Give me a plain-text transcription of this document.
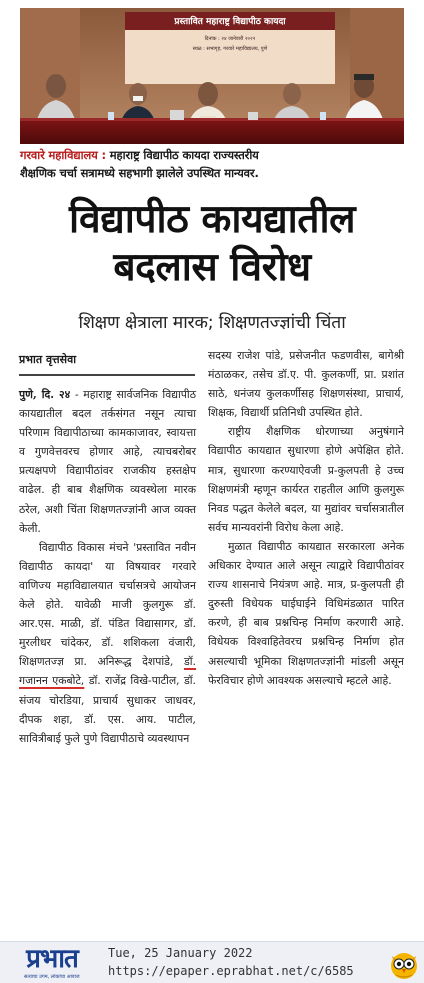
प्रस्तावित महाराष्ट्र विद्यापीठ कायदा
दिनांक : २४ जानेवारी २०२२
स्थळ : सभागृह, गरवारे महाविद्यालय, पुणे
गरवारे महाविद्यालय : महाराष्ट्र विद्यापीठ कायदा राज्यस्तरीय
शैक्षणिक चर्चा सत्रामध्ये सहभागी झालेले उपस्थित मान्यवर.
विद्यापीठ कायद्यातील
बदलास विरोध
शिक्षण क्षेत्राला मारक; शिक्षणतज्ज्ञांची चिंता
प्रभात वृत्तसेवा

पुणे, दि. २४ - महाराष्ट्र सार्वजनिक विद्यापीठ कायद्यातील बदल तर्कसंगत नसून त्याचा परिणाम विद्यापीठाच्या कामकाजावर, स्वायत्ता व गुणवेत्तवरच होणार आहे, त्याचबरोबर प्रत्यक्षपणे विद्यापीठांवर राजकीय हस्तक्षेप वाढेल. ही बाब शैक्षणिक व्यवस्थेला मारक ठरेल, अशी चिंता शिक्षणतज्ज्ञांनी आज व्यक्त केली.

विद्यापीठ विकास मंचने 'प्रस्तावित नवीन विद्यापीठ कायदा' या विषयावर गरवारे वाणिज्य महाविद्यालयात चर्चासत्रचे आयोजन केले होते. यावेळी माजी कुलगुरू डॉ. आर.एस. माळी, डॉ. पंडित विद्यासागर, डॉ. मुरलीधर चांदेकर, डॉ. शशिकला वंजारी, शिक्षणतज्ज्ञ प्रा. अनिरूद्ध देशपांडे, डॉ. गजानन एकबोटे, डॉ. राजेंद्र विखे-पाटील, डॉ. संजय चोरडिया, प्राचार्य सुधाकर जाधवर, दीपक शहा, डॉ. एस. आय. पाटील, सावित्रीबाई फुले पुणे विद्यापीठाचे व्यवस्थापन

सदस्य राजेश पांडे, प्रसेजनीत फडणवीस, बागेश्री मंठाळकर, तसेच डॉ.ए. पी. कुलकर्णी, प्रा. प्रशांत साठे, धनंजय कुलकर्णीसह शिक्षणसंस्था, प्राचार्य, शिक्षक, विद्यार्थी प्रतिनिधी उपस्थित होते.

राष्ट्रीय शैक्षणिक धोरणाच्या अनुषंगाने विद्यापीठ कायद्यात सुधारणा होणे अपेक्षित होते. मात्र, सुधारणा करण्याऐवजी प्र-कुलपती हे उच्च शिक्षणमंत्री म्हणून कार्यरत राहतील आणि कुलगुरू निवड पद्धत केलेले बदल, या मुद्यांवर चर्चासत्रातील सर्वच मान्यवरांनी विरोध केला आहे.

मुळात विद्यापीठ कायद्यात सरकारला अनेक अधिकार देण्यात आले असून त्याद्वारे विद्यापीठांवर राज्य शासनाचे नियंत्रण आहे. मात्र, प्र-कुलपती ही दुरुस्ती विधेयक घाईघाईने विधिमंडळात पारित करणे, ही बाब प्रश्नचिन्ह निर्माण करणारी आहे. विधेयक विश्वाहितेवरच प्रश्नचिन्ह निर्माण होत असल्याची भूमिका शिक्षणतज्ज्ञांनी मांडली असून फेरविचार होणे आवश्यक असल्याचे म्हटले आहे.

प्रभात
सत्याचा उगम, लोकांचा आवाज
Tue, 25 January 2022
https://epaper.eprabhat.net/c/6585
